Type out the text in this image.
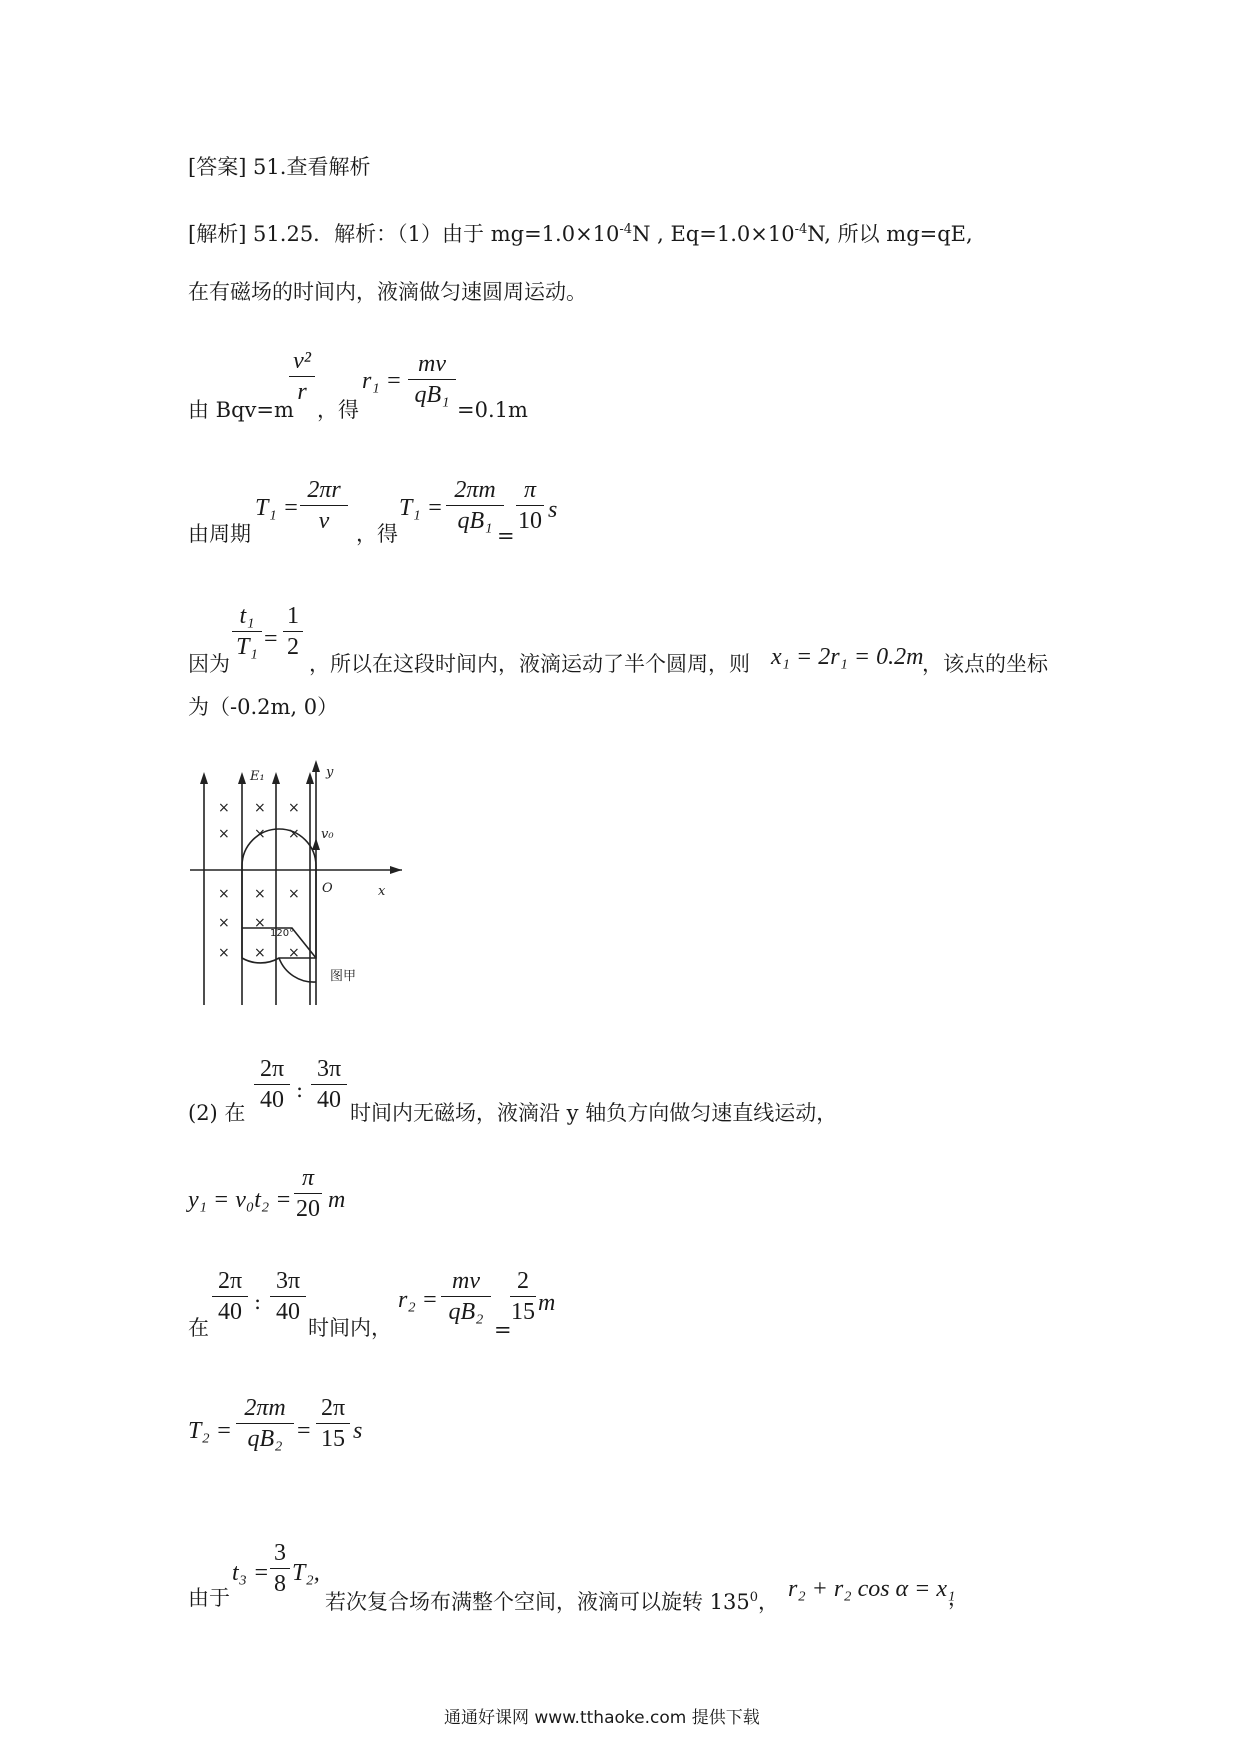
[答案] 51.查看解析
[解析] 51.25．解析：（1）由于 $mg=1.0\times 10^{-4}N$ , $Eq=1.0\times 10^{-4}N$, 所以 mg=qE,
在有磁场的时间内，液滴做匀速圆周运动。
由 Bqv=m
v²
r
，得
r₁ =
mv
qB₁
=0.1m
由周期
T₁ =
2πr
v	，得
T₁ =
2πm
qB₁
=
π
10 s
因为
t₁
T₁ =
1
2
，所以在这段时间内，液滴运动了半个圆周，则 x₁ = 2r₁ = 0.2m
，该点的坐标
为（-0.2m, 0）
× × ×
× × ×
× × ×
× ×
× × ×
E₁	y
x
O
v₀
120°
图甲
(2) 在
2π
40 :
3π
40 时间内无磁场，液滴沿 y 轴负方向做匀速直线运动，
y₁ = v₀t₂ =
π
20 m
在
2π
40 :
3π
40
时间内，
r₂ =
mv
qB₂
=
2
15 m
T₂ =
2πm
qB₂ =
2π
15 s
由于
t₃ =
3
8 T₂,
若次复合场布满整个空间，液滴可以旋转 $135^0$， r₂ + r₂ cos α = x₁
，
通通好课网 www.tthaoke.com 提供下载
